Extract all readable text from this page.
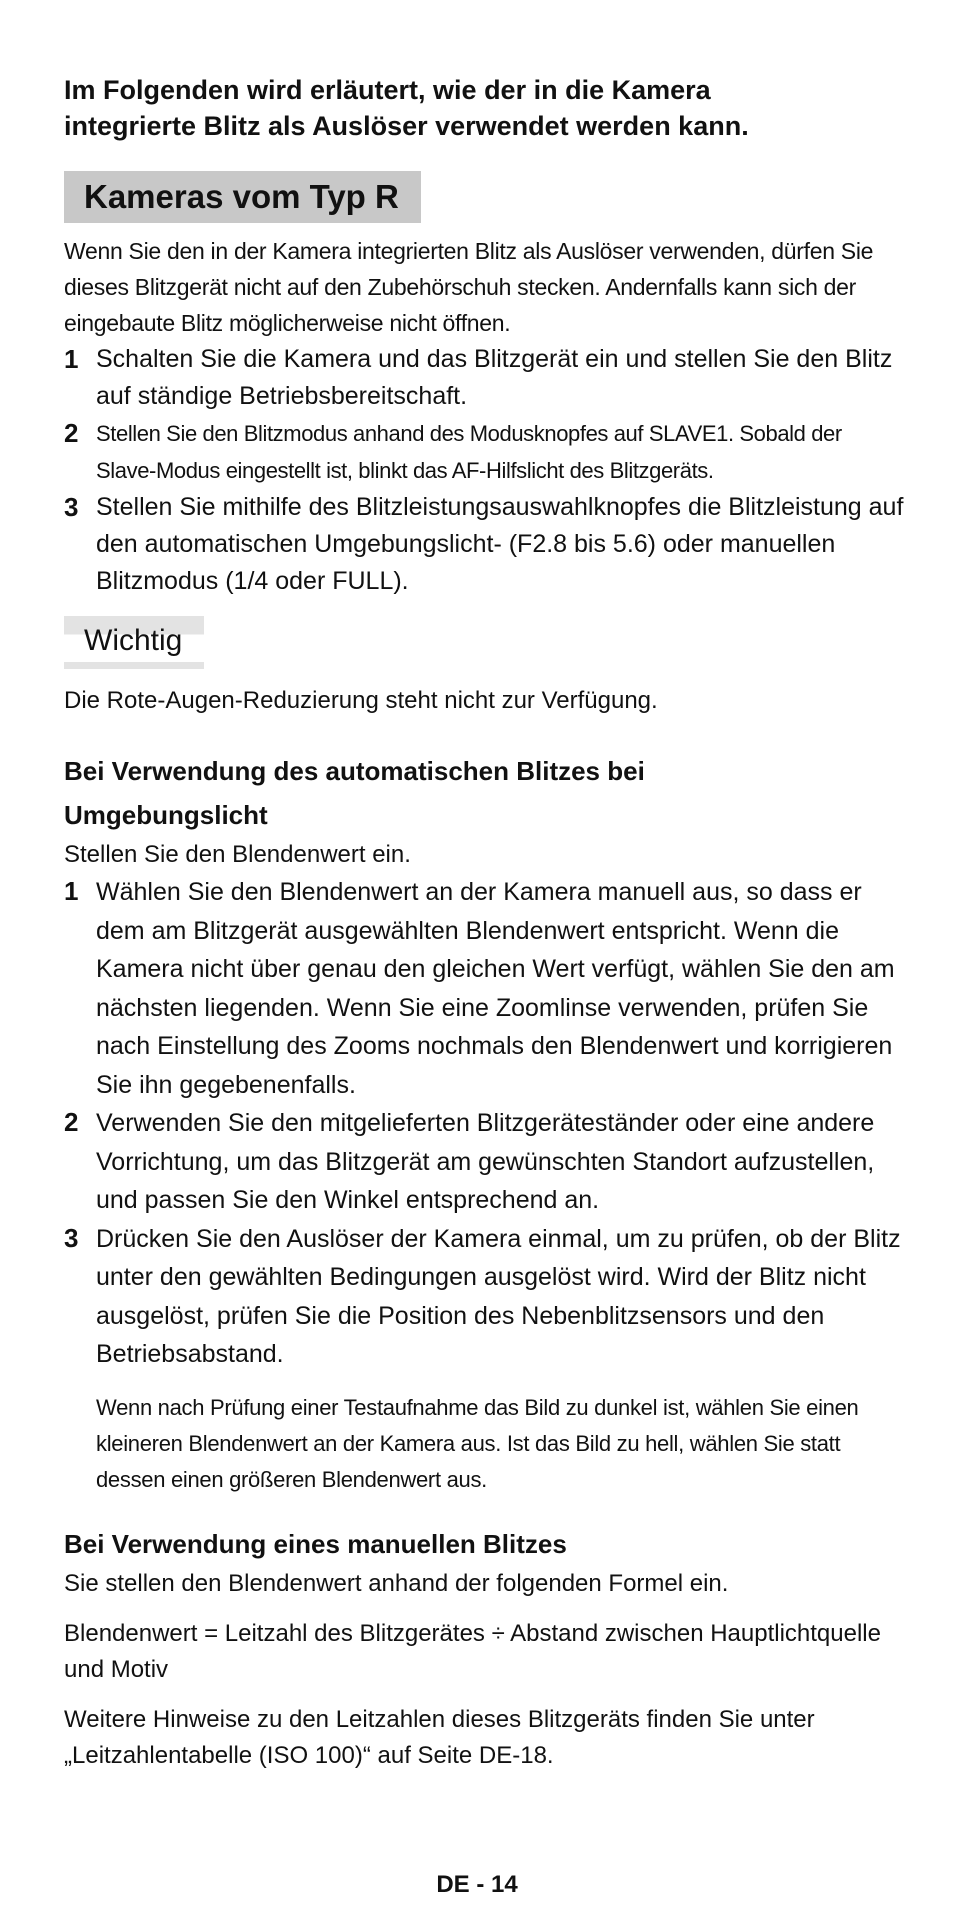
Im Folgenden wird erläutert, wie der in die Kamera
integrierte Blitz als Auslöser verwendet werden kann.

Kameras vom Typ R

Wenn Sie den in der Kamera integrierten Blitz als Auslöser verwenden, dürfen Sie dieses Blitzgerät nicht auf den Zubehörschuh stecken. Andernfalls kann sich der eingebaute Blitz möglicherweise nicht öffnen.

1 Schalten Sie die Kamera und das Blitzgerät ein und stellen Sie den Blitz auf ständige Betriebsbereitschaft.
2 Stellen Sie den Blitzmodus anhand des Modusknopfes auf SLAVE1. Sobald der Slave-Modus eingestellt ist, blinkt das AF-Hilfslicht des Blitzgeräts.
3 Stellen Sie mithilfe des Blitzleistungsauswahlknopfes die Blitzleistung auf den automatischen Umgebungslicht- (F2.8 bis 5.6) oder manuellen Blitzmodus (1/4 oder FULL).
Wichtig

Die Rote-Augen-Reduzierung steht nicht zur Verfügung.

Bei Verwendung des automatischen Blitzes bei
Umgebungslicht

Stellen Sie den Blendenwert ein.

1 Wählen Sie den Blendenwert an der Kamera manuell aus, so dass er dem am Blitzgerät ausgewählten Blendenwert entspricht. Wenn die Kamera nicht über genau den gleichen Wert verfügt, wählen Sie den am nächsten liegenden. Wenn Sie eine Zoomlinse verwenden, prüfen Sie nach Einstellung des Zooms nochmals den Blendenwert und korrigieren Sie ihn gegebenenfalls.
2 Verwenden Sie den mitgelieferten Blitzgeräteständer oder eine andere Vorrichtung, um das Blitzgerät am gewünschten Standort aufzustellen, und passen Sie den Winkel entsprechend an.
3 Drücken Sie den Auslöser der Kamera einmal, um zu prüfen, ob der Blitz unter den gewählten Bedingungen ausgelöst wird. Wird der Blitz nicht ausgelöst, prüfen Sie die Position des Nebenblitzsensors und den Betriebsabstand.

Wenn nach Prüfung einer Testaufnahme das Bild zu dunkel ist, wählen Sie einen kleineren Blendenwert an der Kamera aus. Ist das Bild zu hell, wählen Sie statt dessen einen größeren Blendenwert aus.

Bei Verwendung eines manuellen Blitzes

Sie stellen den Blendenwert anhand der folgenden Formel ein.

Blendenwert = Leitzahl des Blitzgerätes ÷ Abstand zwischen Hauptlichtquelle und Motiv

Weitere Hinweise zu den Leitzahlen dieses Blitzgeräts finden Sie unter „Leitzahlentabelle (ISO 100)“ auf Seite DE-18.

DE - 14
